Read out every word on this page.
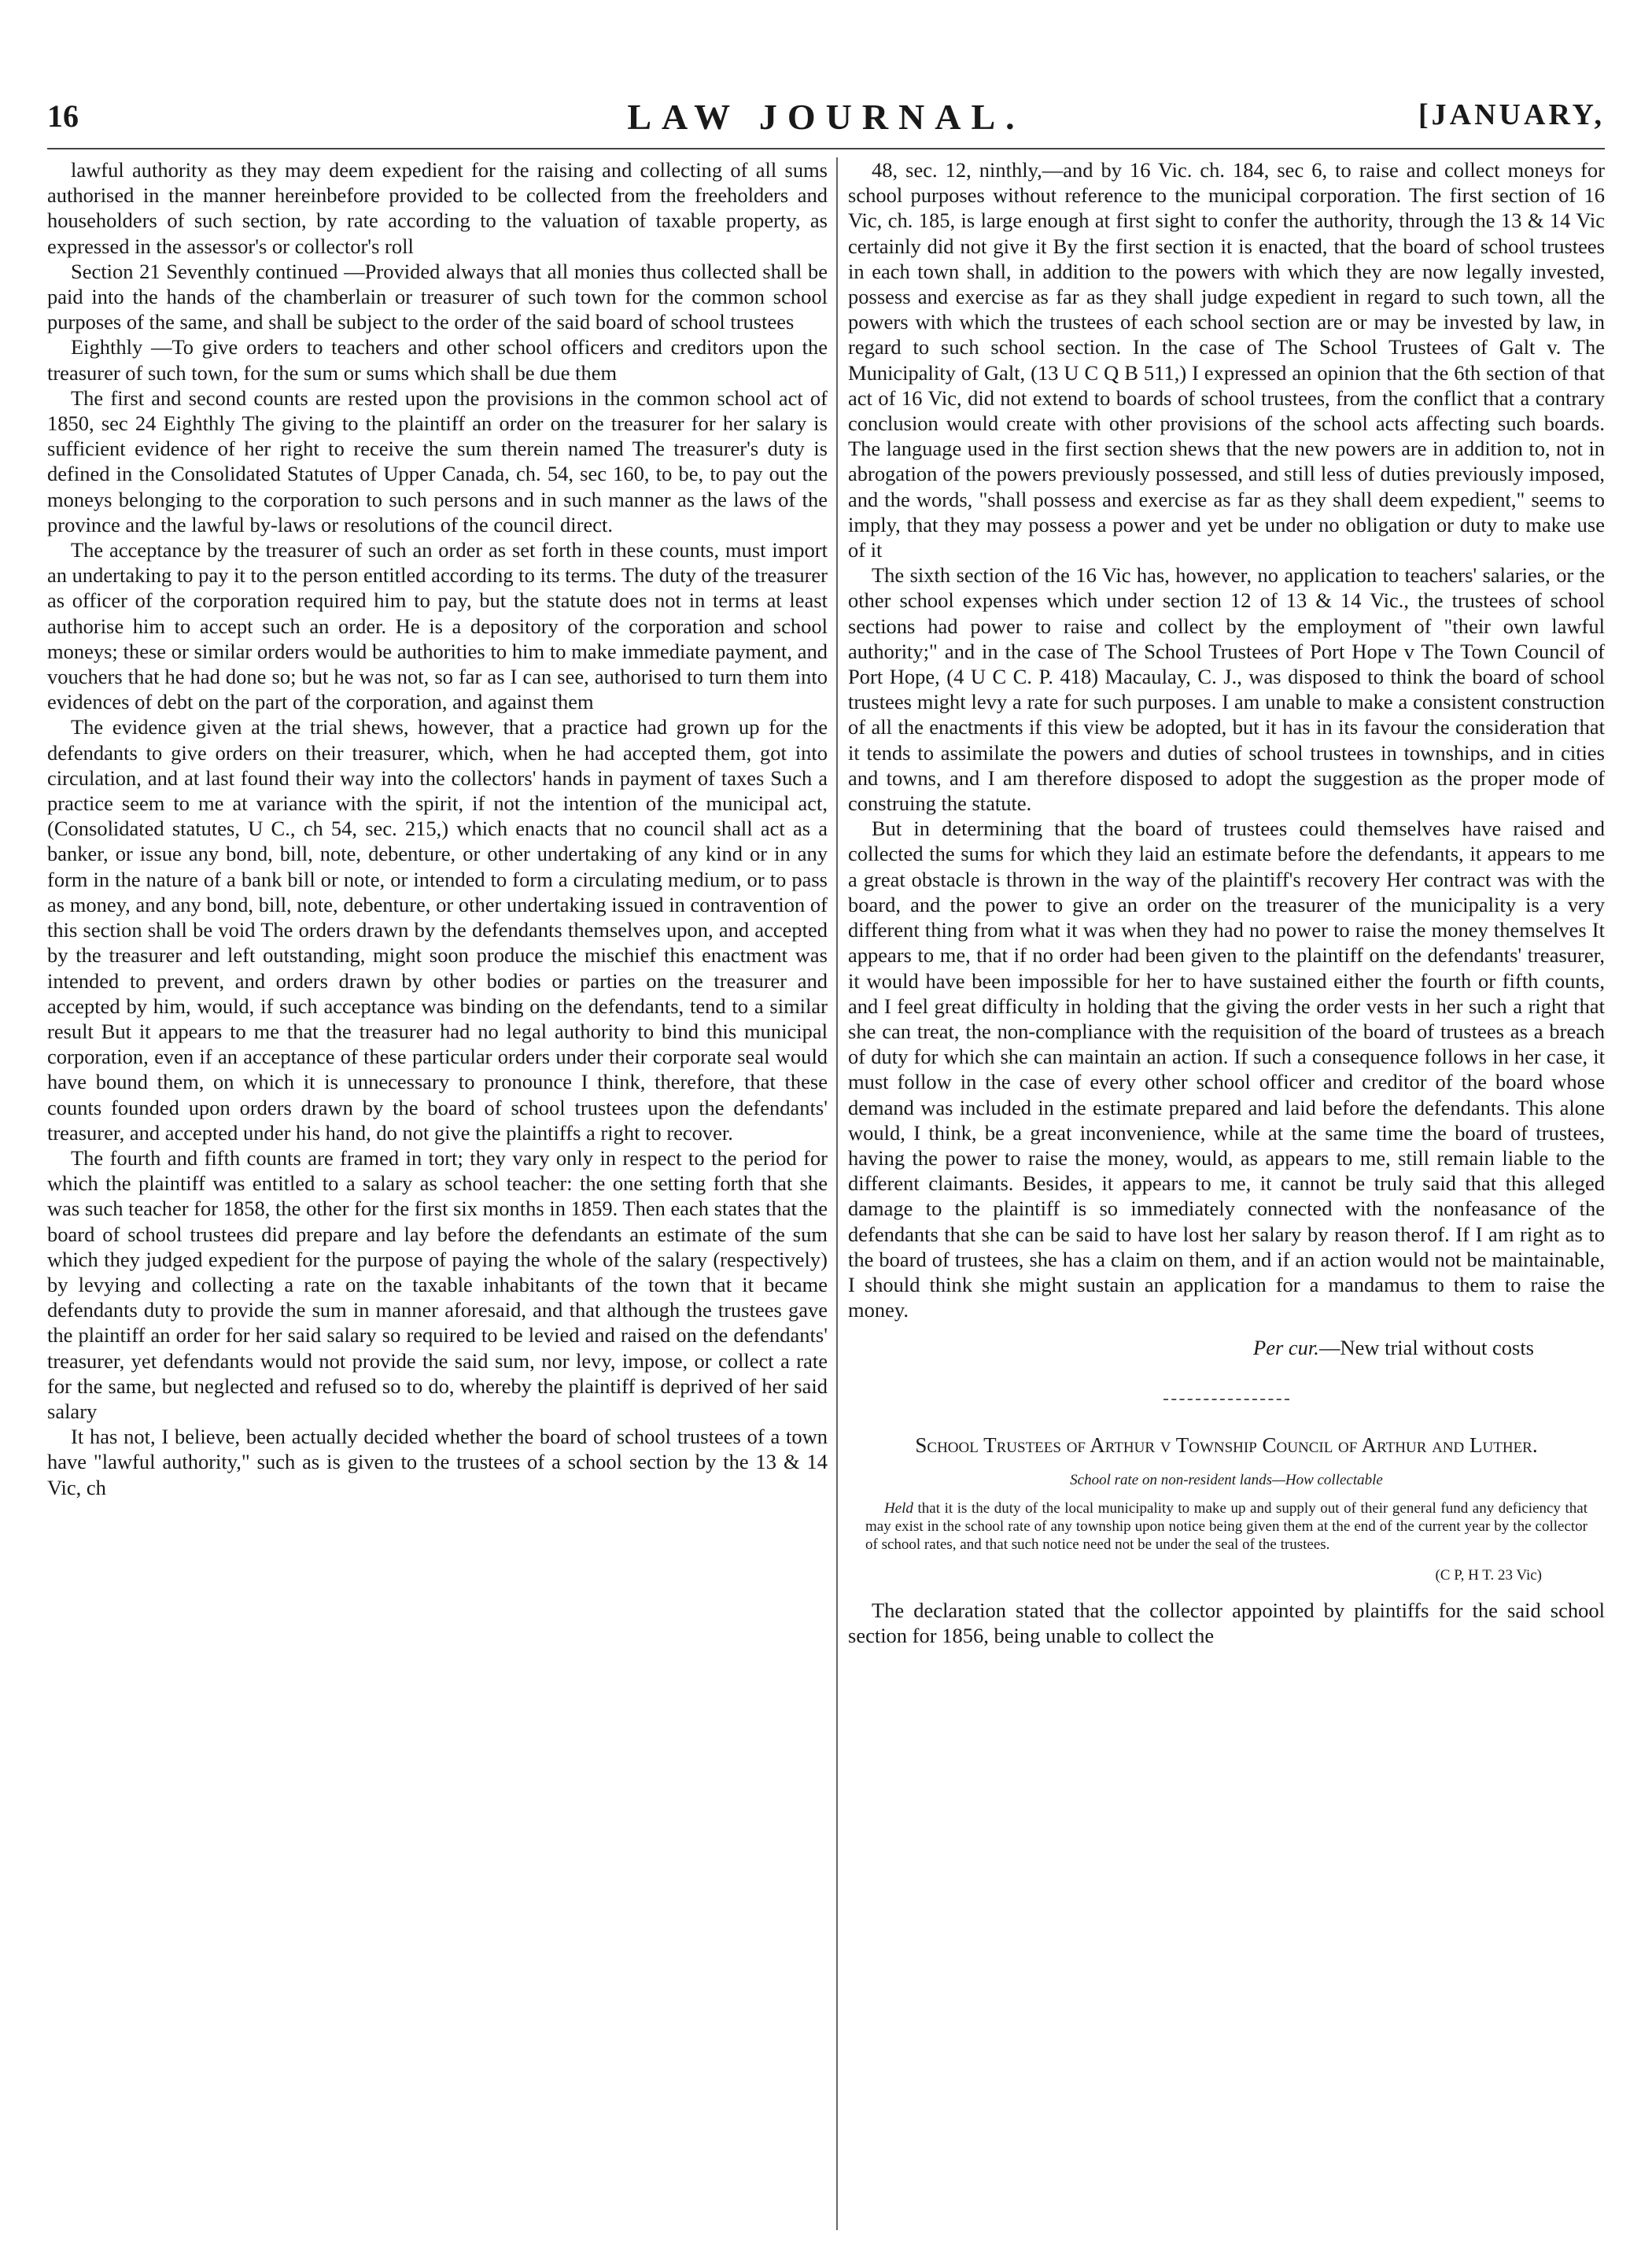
16	LAW JOURNAL.	[JANUARY,

lawful authority as they may deem expedient for the raising and collecting of all sums authorised in the manner hereinbefore provided to be collected from the freeholders and householders of such section, by rate according to the valuation of taxable property, as expressed in the assessor's or collector's roll

Section 21 Seventhly continued —Provided always that all monies thus collected shall be paid into the hands of the chamberlain or treasurer of such town for the common school purposes of the same, and shall be subject to the order of the said board of school trustees

Eighthly —To give orders to teachers and other school officers and creditors upon the treasurer of such town, for the sum or sums which shall be due them

The first and second counts are rested upon the provisions in the common school act of 1850, sec 24 Eighthly The giving to the plaintiff an order on the treasurer for her salary is sufficient evidence of her right to receive the sum therein named The treasurer's duty is defined in the Consolidated Statutes of Upper Canada, ch. 54, sec 160, to be, to pay out the moneys belonging to the corporation to such persons and in such manner as the laws of the province and the lawful by-laws or resolutions of the council direct.

The acceptance by the treasurer of such an order as set forth in these counts, must import an undertaking to pay it to the person entitled according to its terms. The duty of the treasurer as officer of the corporation required him to pay, but the statute does not in terms at least authorise him to accept such an order. He is a depository of the corporation and school moneys; these or similar orders would be authorities to him to make immediate payment, and vouchers that he had done so; but he was not, so far as I can see, authorised to turn them into evidences of debt on the part of the corporation, and against them

The evidence given at the trial shews, however, that a practice had grown up for the defendants to give orders on their treasurer, which, when he had accepted them, got into circulation, and at last found their way into the collectors' hands in payment of taxes Such a practice seem to me at variance with the spirit, if not the intention of the municipal act, (Consolidated statutes, U C., ch 54, sec. 215,) which enacts that no council shall act as a banker, or issue any bond, bill, note, debenture, or other undertaking of any kind or in any form in the nature of a bank bill or note, or intended to form a circulating medium, or to pass as money, and any bond, bill, note, debenture, or other undertaking issued in contravention of this section shall be void The orders drawn by the defendants themselves upon, and accepted by the treasurer and left outstanding, might soon produce the mischief this enactment was intended to prevent, and orders drawn by other bodies or parties on the treasurer and accepted by him, would, if such acceptance was binding on the defendants, tend to a similar result But it appears to me that the treasurer had no legal authority to bind this municipal corporation, even if an acceptance of these particular orders under their corporate seal would have bound them, on which it is unnecessary to pronounce I think, therefore, that these counts founded upon orders drawn by the board of school trustees upon the defendants' treasurer, and accepted under his hand, do not give the plaintiffs a right to recover.

The fourth and fifth counts are framed in tort; they vary only in respect to the period for which the plaintiff was entitled to a salary as school teacher: the one setting forth that she was such teacher for 1858, the other for the first six months in 1859. Then each states that the board of school trustees did prepare and lay before the defendants an estimate of the sum which they judged expedient for the purpose of paying the whole of the salary (respectively) by levying and collecting a rate on the taxable inhabitants of the town that it became defendants duty to provide the sum in manner aforesaid, and that although the trustees gave the plaintiff an order for her said salary so required to be levied and raised on the defendants' treasurer, yet defendants would not provide the said sum, nor levy, impose, or collect a rate for the same, but neglected and refused so to do, whereby the plaintiff is deprived of her said salary

It has not, I believe, been actually decided whether the board of school trustees of a town have "lawful authority," such as is given to the trustees of a school section by the 13 & 14 Vic, ch

48, sec. 12, ninthly,—and by 16 Vic. ch. 184, sec 6, to raise and collect moneys for school purposes without reference to the municipal corporation. The first section of 16 Vic, ch. 185, is large enough at first sight to confer the authority, through the 13 & 14 Vic certainly did not give it By the first section it is enacted, that the board of school trustees in each town shall, in addition to the powers with which they are now legally invested, possess and exercise as far as they shall judge expedient in regard to such town, all the powers with which the trustees of each school section are or may be invested by law, in regard to such school section. In the case of The School Trustees of Galt v. The Municipality of Galt, (13 U C Q B 511,) I expressed an opinion that the 6th section of that act of 16 Vic, did not extend to boards of school trustees, from the conflict that a contrary conclusion would create with other provisions of the school acts affecting such boards. The language used in the first section shews that the new powers are in addition to, not in abrogation of the powers previously possessed, and still less of duties previously imposed, and the words, "shall possess and exercise as far as they shall deem expedient," seems to imply, that they may possess a power and yet be under no obligation or duty to make use of it

The sixth section of the 16 Vic has, however, no application to teachers' salaries, or the other school expenses which under section 12 of 13 & 14 Vic., the trustees of school sections had power to raise and collect by the employment of "their own lawful authority;" and in the case of The School Trustees of Port Hope v The Town Council of Port Hope, (4 U C C. P. 418) Macaulay, C. J., was disposed to think the board of school trustees might levy a rate for such purposes. I am unable to make a consistent construction of all the enactments if this view be adopted, but it has in its favour the consideration that it tends to assimilate the powers and duties of school trustees in townships, and in cities and towns, and I am therefore disposed to adopt the suggestion as the proper mode of construing the statute.

But in determining that the board of trustees could themselves have raised and collected the sums for which they laid an estimate before the defendants, it appears to me a great obstacle is thrown in the way of the plaintiff's recovery Her contract was with the board, and the power to give an order on the treasurer of the municipality is a very different thing from what it was when they had no power to raise the money themselves It appears to me, that if no order had been given to the plaintiff on the defendants' treasurer, it would have been impossible for her to have sustained either the fourth or fifth counts, and I feel great difficulty in holding that the giving the order vests in her such a right that she can treat, the non-compliance with the requisition of the board of trustees as a breach of duty for which she can maintain an action. If such a consequence follows in her case, it must follow in the case of every other school officer and creditor of the board whose demand was included in the estimate prepared and laid before the defendants. This alone would, I think, be a great inconvenience, while at the same time the board of trustees, having the power to raise the money, would, as appears to me, still remain liable to the different claimants. Besides, it appears to me, it cannot be truly said that this alleged damage to the plaintiff is so immediately connected with the nonfeasance of the defendants that she can be said to have lost her salary by reason therof. If I am right as to the board of trustees, she has a claim on them, and if an action would not be maintainable, I should think she might sustain an application for a mandamus to them to raise the money.

Per cur.—New trial without costs

School Trustees of Arthur v Township Council of Arthur and Luther.
School rate on non-resident lands—How collectable

Held that it is the duty of the local municipality to make up and supply out of their general fund any deficiency that may exist in the school rate of any township upon notice being given them at the end of the current year by the collector of school rates, and that such notice need not be under the seal of the trustees.

(C P, H T. 23 Vic)

The declaration stated that the collector appointed by plaintiffs for the said school section for 1856, being unable to collect the
